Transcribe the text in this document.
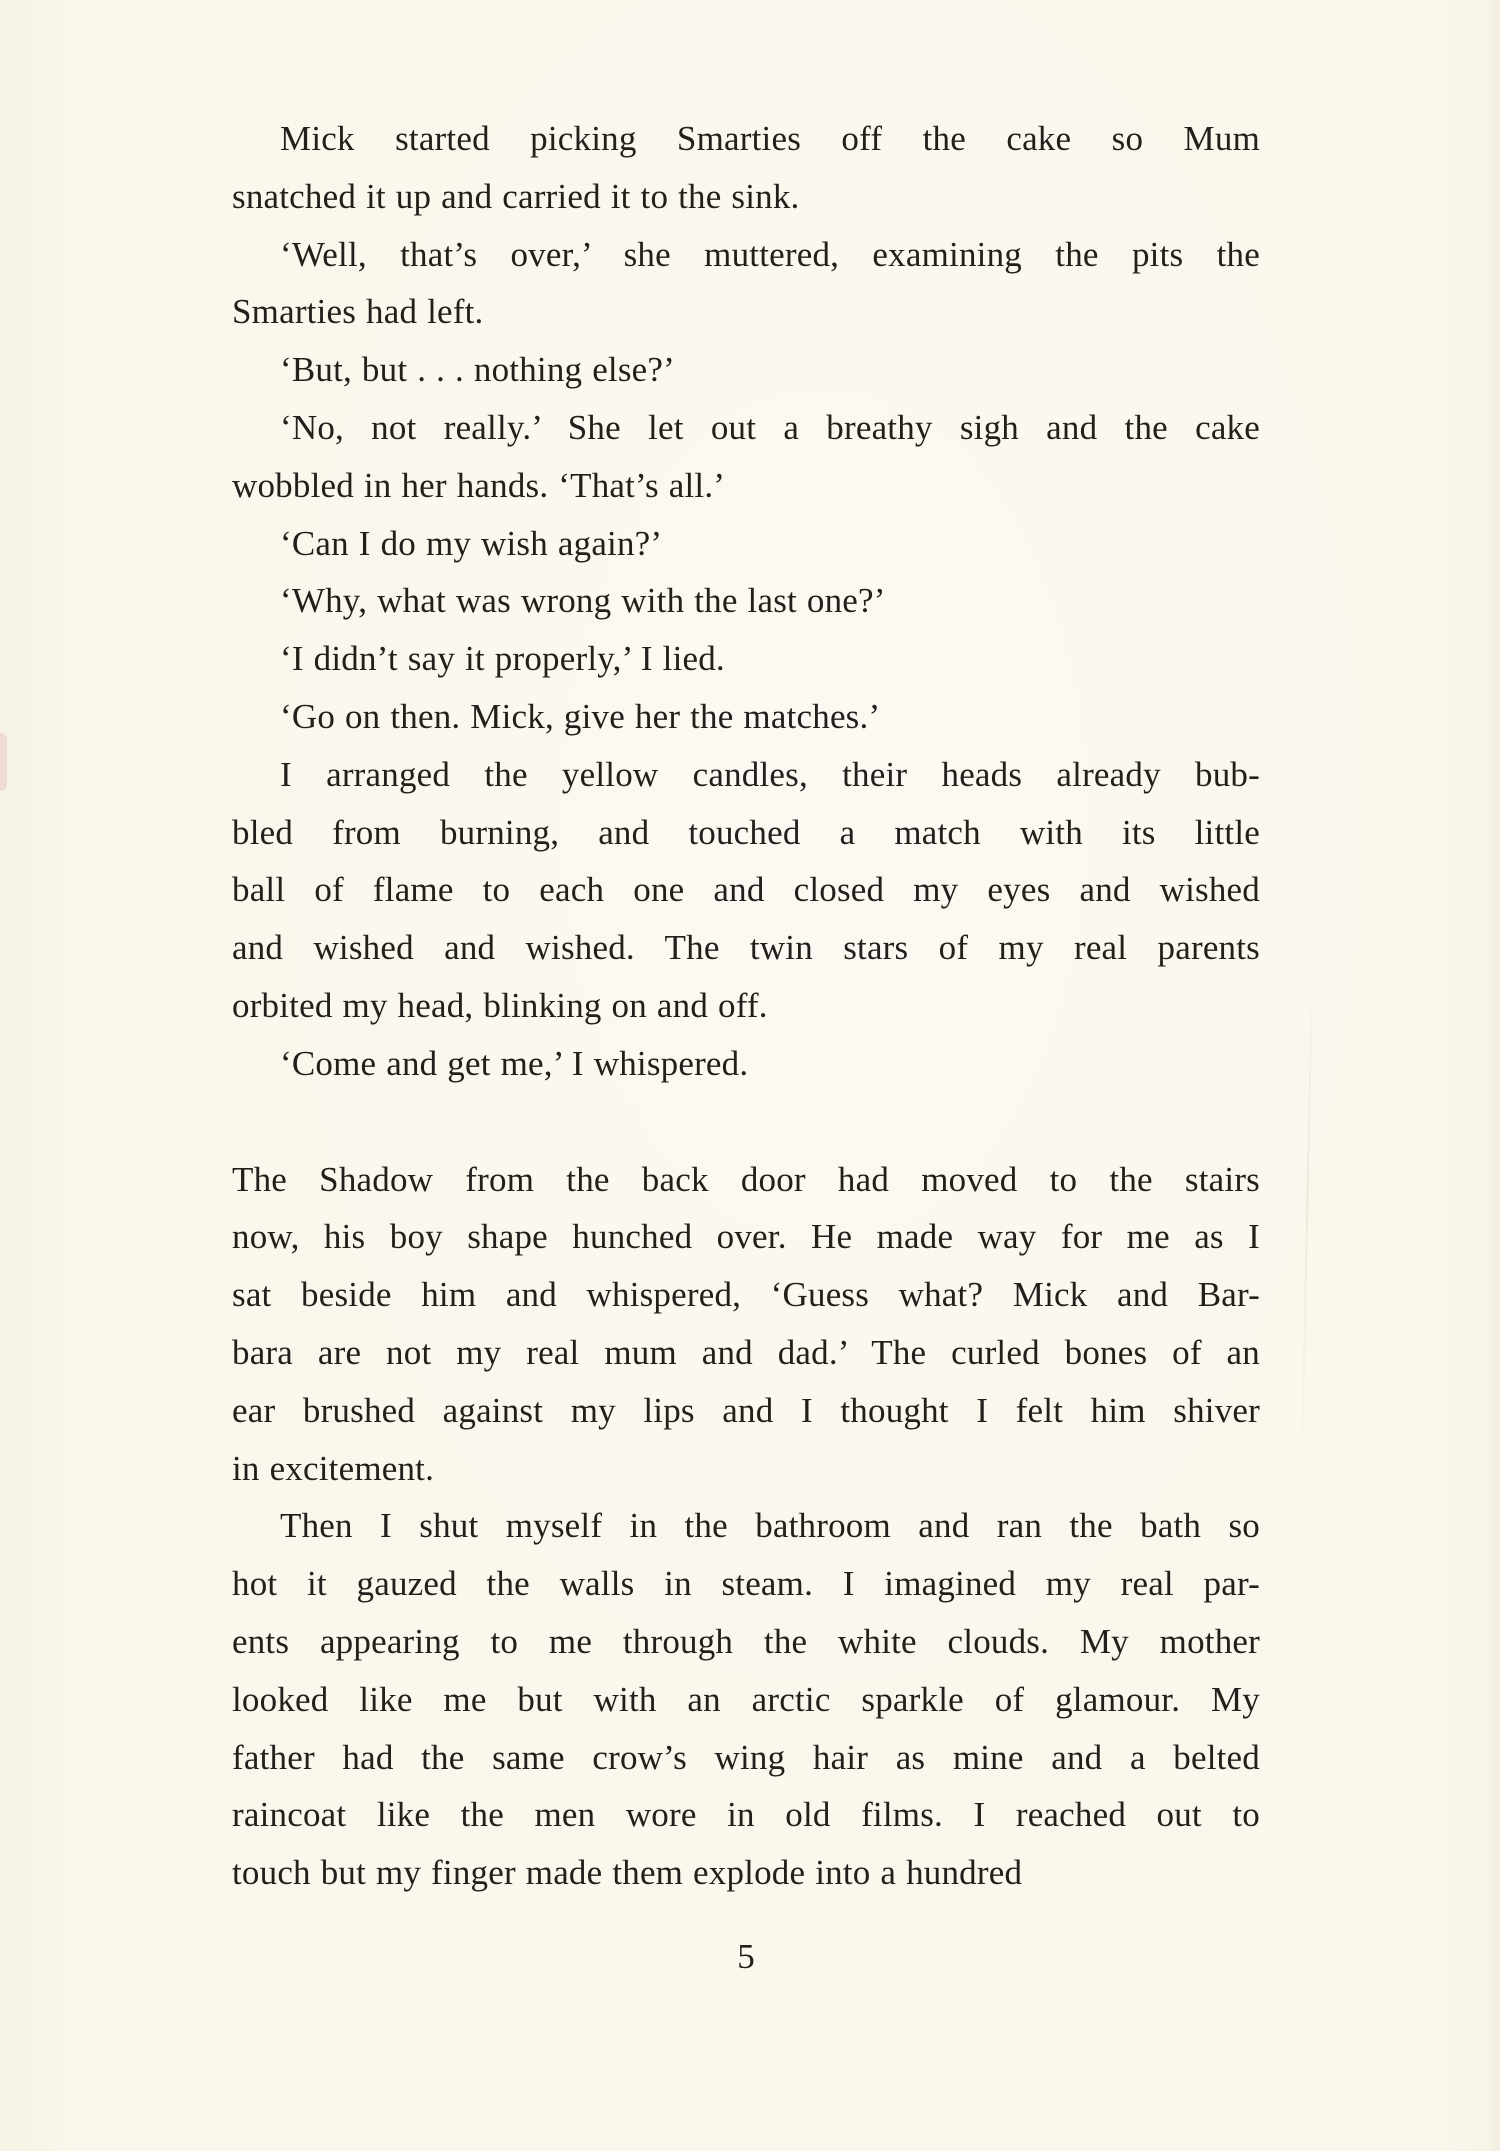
Mick started picking Smarties off the cake so Mum
snatched it up and carried it to the sink.
‘Well, that’s over,’ she muttered, examining the pits the
Smarties had left.
‘But, but . . . nothing else?’
‘No, not really.’ She let out a breathy sigh and the cake
wobbled in her hands. ‘That’s all.’
‘Can I do my wish again?’
‘Why, what was wrong with the last one?’
‘I didn’t say it properly,’ I lied.
‘Go on then. Mick, give her the matches.’
I arranged the yellow candles, their heads already bub-
bled from burning, and touched a match with its little
ball of flame to each one and closed my eyes and wished
and wished and wished. The twin stars of my real parents
orbited my head, blinking on and off.
‘Come and get me,’ I whispered.
The Shadow from the back door had moved to the stairs
now, his boy shape hunched over. He made way for me as I
sat beside him and whispered, ‘Guess what? Mick and Bar-
bara are not my real mum and dad.’ The curled bones of an
ear brushed against my lips and I thought I felt him shiver
in excitement.
Then I shut myself in the bathroom and ran the bath so
hot it gauzed the walls in steam. I imagined my real par-
ents appearing to me through the white clouds. My mother
looked like me but with an arctic sparkle of glamour. My
father had the same crow’s wing hair as mine and a belted
raincoat like the men wore in old films. I reached out to
touch but my finger made them explode into a hundred
5
